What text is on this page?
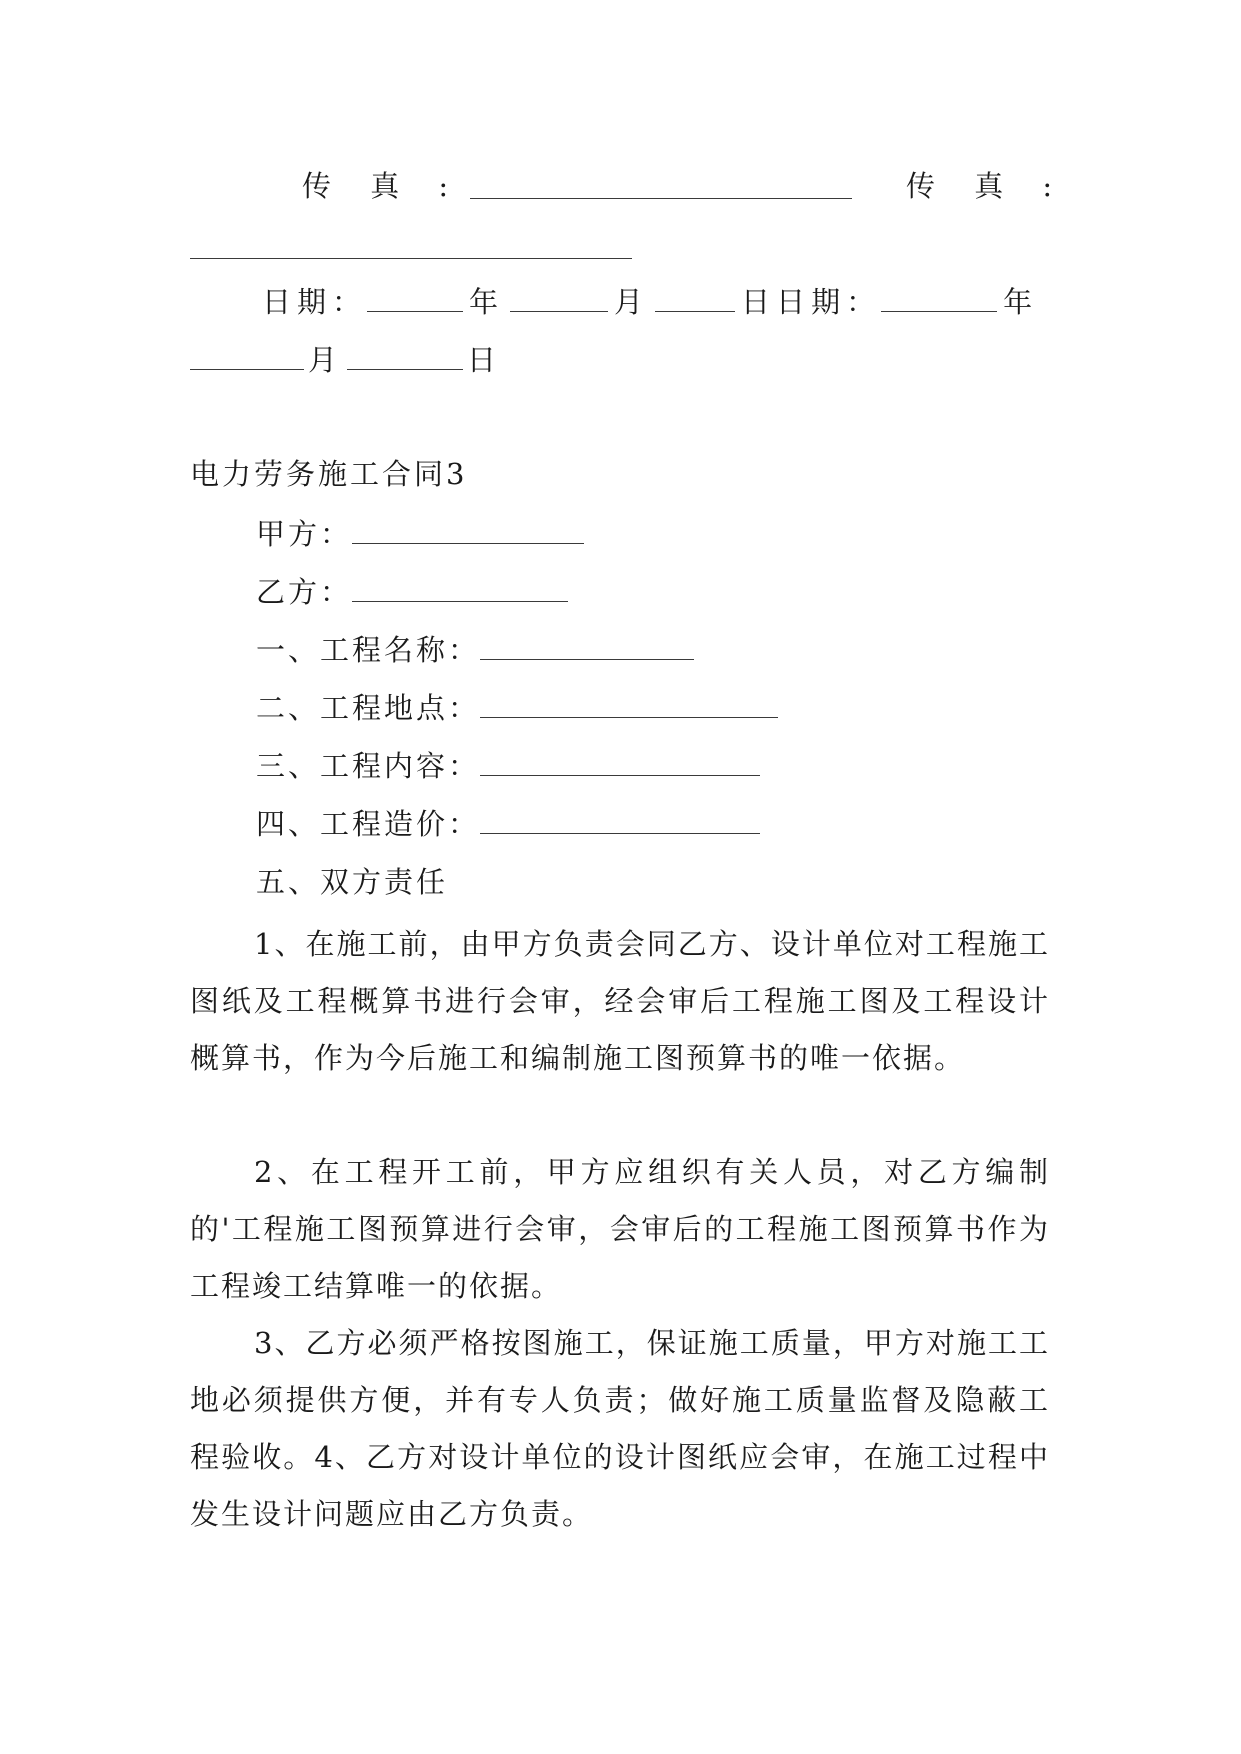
传 真 :	传 真 :
日期：	年	月	日日期：	年
月	日
电力劳务施工合同3
甲方：
乙方：
一、工程名称：
二、工程地点：
三、工程内容：
四、工程造价：
五、双方责任

1、在施工前，由甲方负责会同乙方、设计单位对工程施工图纸及工程概算书进行会审，经会审后工程施工图及工程设计概算书，作为今后施工和编制施工图预算书的唯一依据。

2、在工程开工前，甲方应组织有关人员，对乙方编制的'工程施工图预算进行会审，会审后的工程施工图预算书作为工程竣工结算唯一的依据。

3、乙方必须严格按图施工，保证施工质量，甲方对施工工地必须提供方便，并有专人负责；做好施工质量监督及隐蔽工程验收。4、乙方对设计单位的设计图纸应会审，在施工过程中发生设计问题应由乙方负责。
